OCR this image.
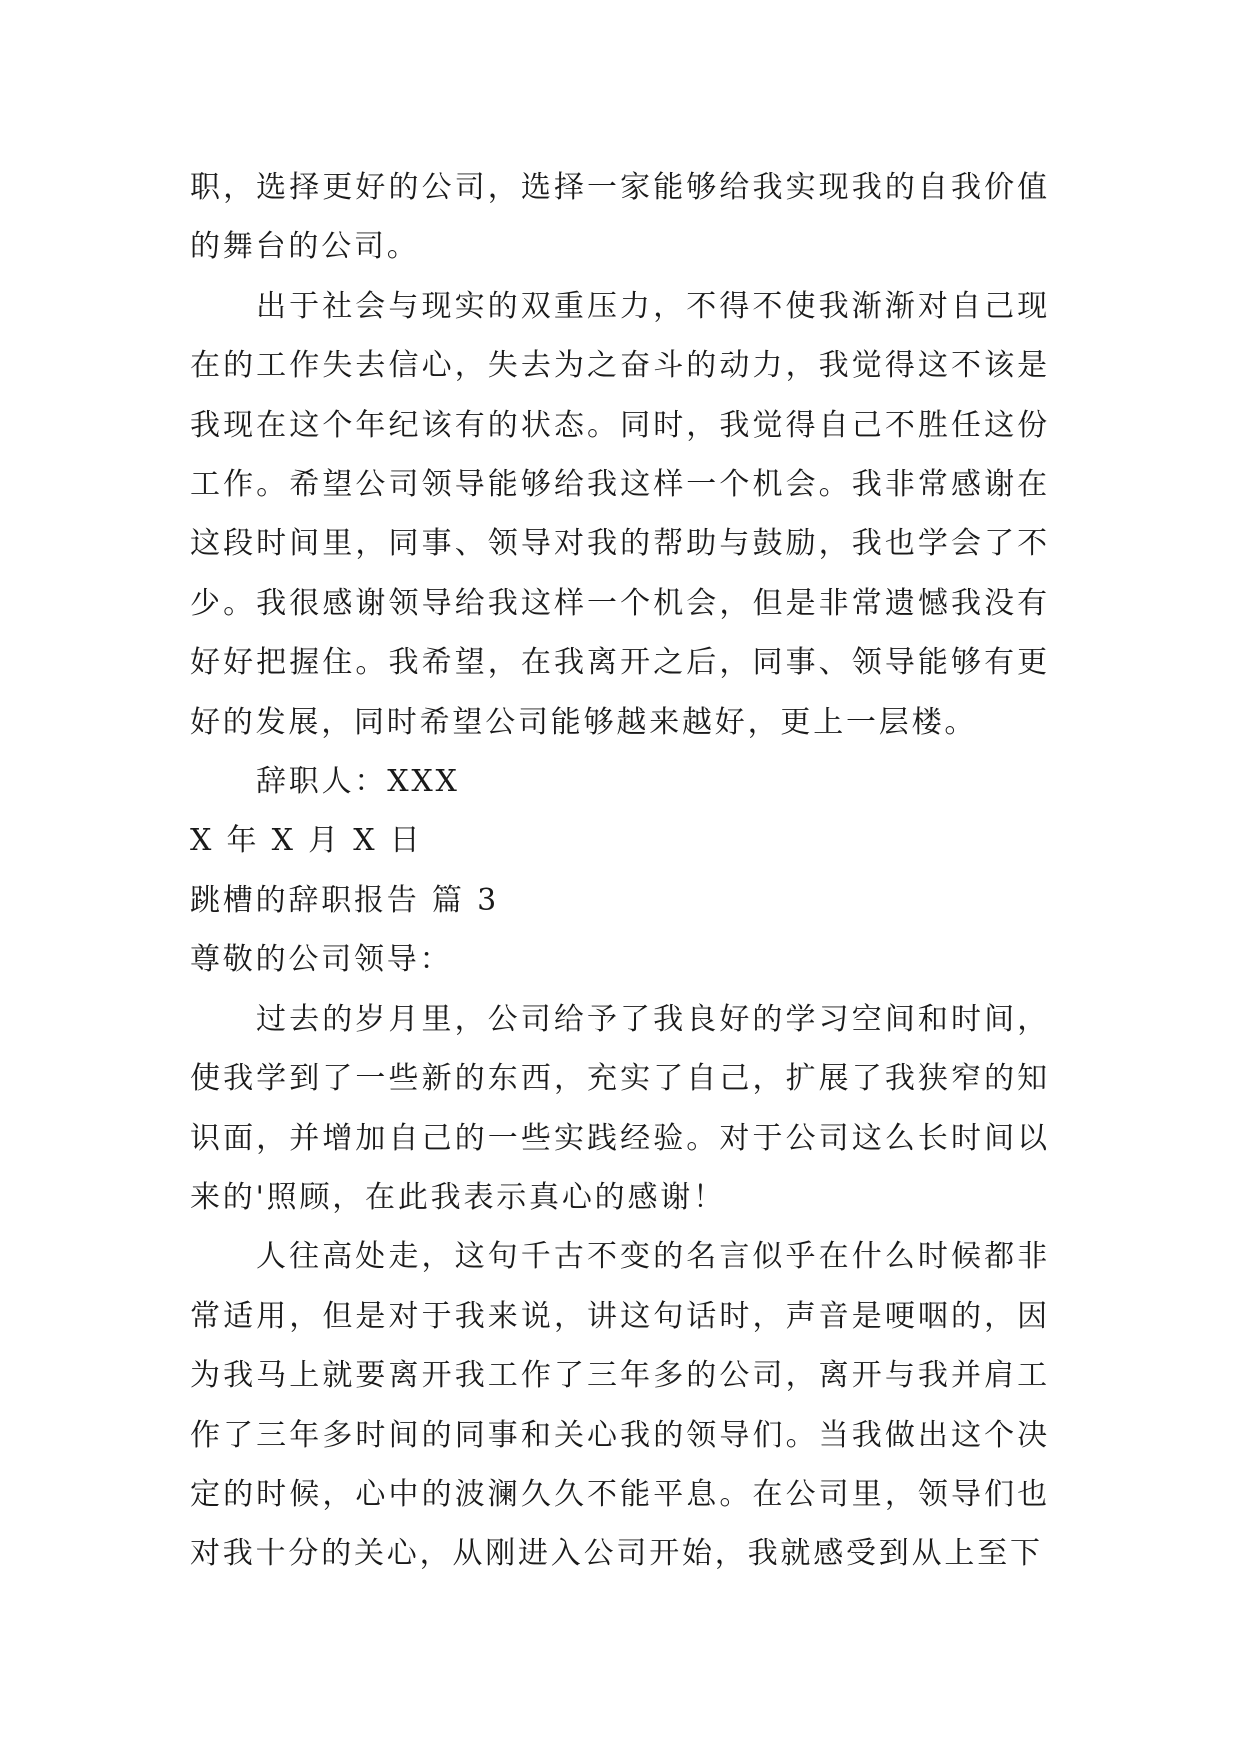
职，选择更好的公司，选择一家能够给我实现我的自我价值的舞台的公司。

出于社会与现实的双重压力，不得不使我渐渐对自己现在的工作失去信心，失去为之奋斗的动力，我觉得这不该是我现在这个年纪该有的状态。同时，我觉得自己不胜任这份工作。希望公司领导能够给我这样一个机会。我非常感谢在这段时间里，同事、领导对我的帮助与鼓励，我也学会了不少。我很感谢领导给我这样一个机会，但是非常遗憾我没有好好把握住。我希望，在我离开之后，同事、领导能够有更好的发展，同时希望公司能够越来越好，更上一层楼。

辞职人：XXX

X 年 X 月 X 日

跳槽的辞职报告 篇 3

尊敬的公司领导：

过去的岁月里，公司给予了我良好的学习空间和时间，使我学到了一些新的东西，充实了自己，扩展了我狭窄的知识面，并增加自己的一些实践经验。对于公司这么长时间以来的'照顾，在此我表示真心的感谢！

人往高处走，这句千古不变的名言似乎在什么时候都非常适用，但是对于我来说，讲这句话时，声音是哽咽的，因为我马上就要离开我工作了三年多的公司，离开与我并肩工作了三年多时间的同事和关心我的领导们。当我做出这个决定的时候，心中的波澜久久不能平息。在公司里，领导们也对我十分的关心，从刚进入公司开始，我就感受到从上至下
